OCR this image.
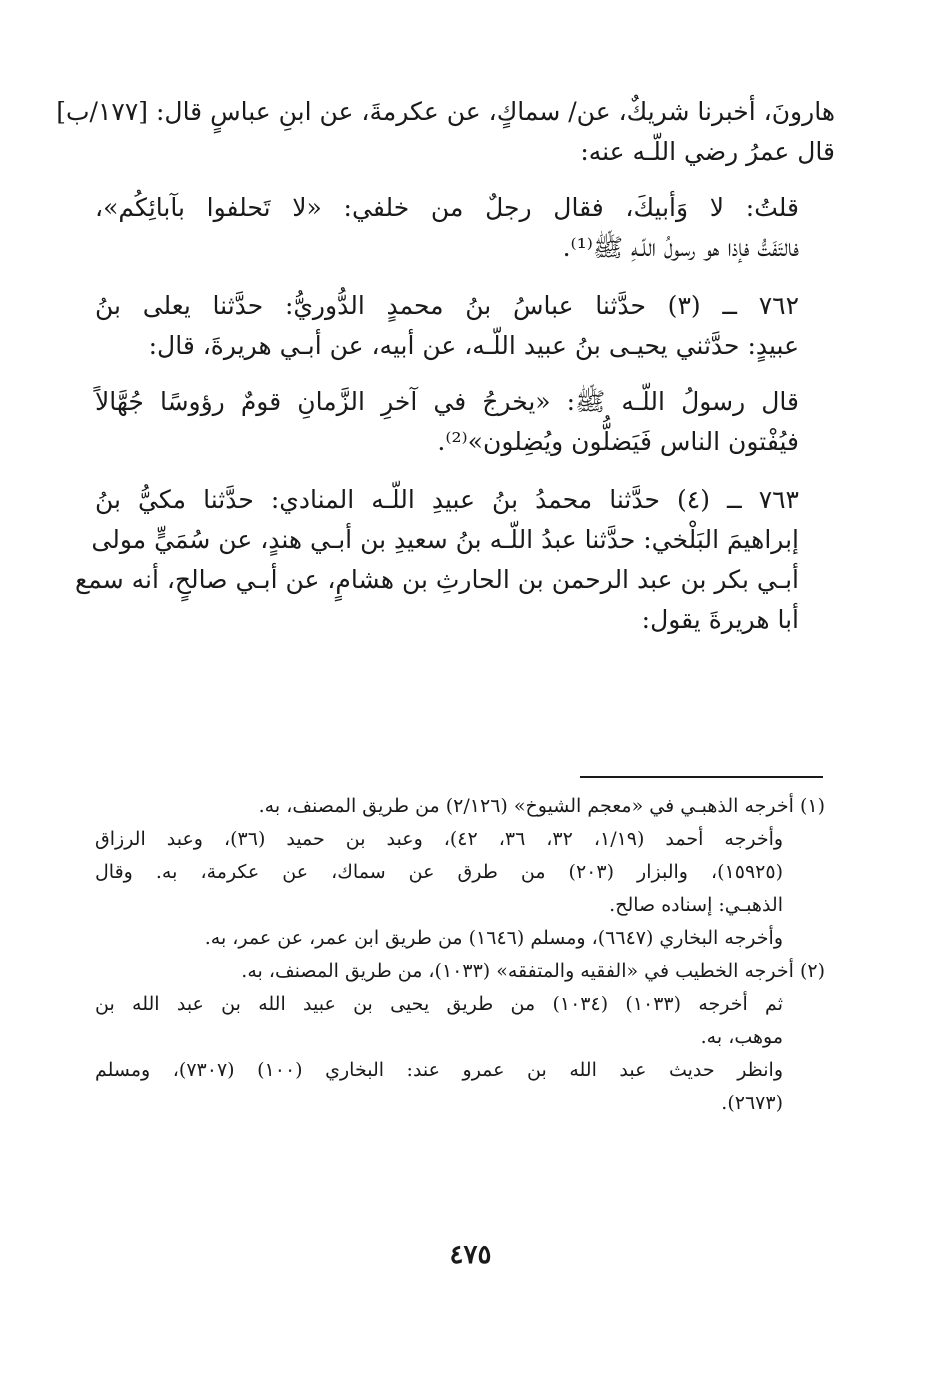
هارونَ، أخبرنا شريكٌ، عن/ سماكٍ، عن عكرمةَ، عن ابنِ عباسٍ قال: [١٧٧/ب]
قال عمرُ رضي اللّـه عنه:
قلتُ: لا وَأبيكَ، فقال رجلٌ من خلفي: «لا تَحلفوا بآبائِكُم»،
فالتَفَتُّ فإذا هو رسولُ اللّـهِ ﷺ⁽¹⁾.
٧٦٢ ــ (٣) حدَّثنا عباسُ بنُ محمدٍ الدُّوريُّ: حدَّثنا يعلى بنُ
عبيدٍ: حدَّثني يحيـى بنُ عبيد اللّـه، عن أبيه، عن أبـي هريرةَ، قال:
قال رسولُ اللّـه ﷺ: «يخرجُ في آخرِ الزَّمانِ قومٌ رؤوسًا جُهَّالاً
فيُفْتون الناس فَيَضلُّون ويُضِلون»⁽²⁾.
٧٦٣ ــ (٤) حدَّثنا محمدُ بنُ عبيدِ اللّـه المنادي: حدَّثنا مكيُّ بنُ
إبراهيمَ البَلْخي: حدَّثنا عبدُ اللّـه بنُ سعيدِ بن أبـي هندٍ، عن سُمَيٍّ مولى
أبـي بكر بن عبد الرحمن بن الحارثِ بن هشامٍ، عن أبـي صالحٍ، أنه سمع
أبا هريرةَ يقول:
(١) أخرجه الذهبـي في «معجم الشيوخ» (٢/١٢٦) من طريق المصنف، به.
وأخرجه أحمد (١/١٩، ٣٢، ٣٦، ٤٢)، وعبد بن حميد (٣٦)، وعبد الرزاق
(١٥٩٢٥)، والبزار (٢٠٣) من طرق عن سماك، عن عكرمة، به. وقال
الذهبـي: إسناده صالح.
وأخرجه البخاري (٦٦٤٧)، ومسلم (١٦٤٦) من طريق ابن عمر، عن عمر، به.
(٢) أخرجه الخطيب في «الفقيه والمتفقه» (١٠٣٣)، من طريق المصنف، به.
ثم أخرجه (١٠٣٣) (١٠٣٤) من طريق يحيى بن عبيد الله بن عبد الله بن
موهب، به.
وانظر حديث عبد الله بن عمرو عند: البخاري (١٠٠) (٧٣٠٧)، ومسلم
(٢٦٧٣).
٤٧٥
